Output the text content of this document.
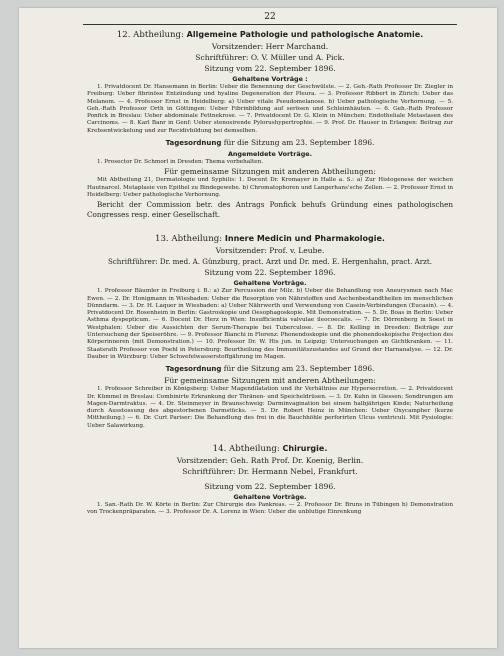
22
12. Abtheilung: Allgemeine Pathologie und pathologische Anatomie.
Vorsitzender: Herr Marchand.
Schriftführer: O. V. Müller und A. Pick.
Sitzung vom 22. September 1896.
Gehaltene Vorträge :

1. Privatdocent Dr. Hansemann in Berlin: Ueber die Benennung der Geschwülste. — 2. Geh.-Rath Professor Dr. Ziegler in Freiburg: Ueber fibrinöse Entzündung und hyaline Degeneration der Pleura. — 3. Professor Ribbert in Zürich: Ueber das Melanom. — 4. Professor Ernst in Heidelberg: a) Ueber vitale Pseudomelanose. b) Ueber pathologische Verhornung. — 5. Geh.-Rath Professor Orth in Göttingen: Ueber Fibrinbildung auf serösen und Schleimhäuten. — 6. Geh.-Rath Professor Ponfick in Breslau: Ueber abdominale Fettnekrose. — 7. Privatdocent Dr. G. Klein in München: Endotheliale Metastasen des Carcinoms. — 8. Karl Banr in Genf: Ueber stenosirende Pylorushypertrophie. — 9. Prof. Dr. Hauser in Erlangen: Beitrag zur Krebsentwickelung und zur Recidivbildung bei demselben.

Tagesordnung für die Sitzung am 23. September 1896.
Angemeldete Vorträge.

1. Prosector Dr. Schmorl in Dresden: Thema vorbehalten.

Für gemeinsame Sitzungen mit anderen Abtheilungen:

Mit Abtheilung 21, Dermatologie und Syphilis: 1. Docent Dr. Kromayer in Halle a. S.: a) Zur Histogenese der weichen Hautnarcel. Metaplasie von Epithel zu Bindegewebe. b) Chromatophoren und Langerhans'sche Zellen. — 2. Professor Ernst in Heidelberg: Ueber pathologische Verhornung.

Bericht der Commission betr. des Antrags Ponfick behufs Gründung eines pathologischen Congresses resp. einer Gesellschaft.

13. Abtheilung: Innere Medicin und Pharmakologie.
Vorsitzender: Prof. v. Leube.
Schriftführer: Dr. med. A. Günzburg, pract. Arzt und Dr. med. E. Hergenhahn, pract. Arzt.
Sitzung vom 22. September 1896.
Gehaltene Vorträge.

1. Professor Bäumler in Freiburg i. B.: a) Zur Percussion der Milz. b) Ueber die Behandlung von Aneurysmen nach Mac Ewen. — 2. Dr. Honigmann in Wiesbaden: Ueber die Resorption von Nährstoffen und Aschenbestandtheilen im menschlichen Dünndarm. — 3. Dr. H. Laquer in Wiesbaden: a) Ueber Nährwerth und Verwendung von Casein-Verbindungen (Eucasin). — 4. Privatdocent Dr. Rosenheim in Berlin: Gastroskopie und Oesophagoskopie. Mit Demonstration. — 5. Dr. Boas in Berlin: Ueber Asthma dyspepticum. — 6. Docent Dr. Herz in Wien: Insufficientia valvulae ileocoecalis. — 7. Dr. Dörrenberg in Soest in Westphalen: Ueber die Aussichten der Serum-Therapie bei Tuberculose. — 8. Dr. Kelling in Dresden: Beiträge zur Untersuchung der Speiseröhre. — 9. Professor Bianchi in Florenz: Phonendoskopie und die phonendoskopische Projection des Körperinneren (mit Demonstration.) — 10. Professor Dr. W. His jun. in Leipzig: Untersuchungen an Gichtkranken. — 11. Staatsrath Professor von Poehl in Petersburg: Beurtheilung des Immunitätszustandes auf Grund der Harnanalyse. — 12. Dr. Dauber in Würzburg: Ueber Schwefelwasserstoffgährung im Magen.

Tagesordnung für die Sitzung am 23. September 1896.
Für gemeinsame Sitzungen mit anderen Abtheilungen:

1. Professor Schreiber in Königsberg: Ueber Magendilatation und ihr Verhältniss zur Hypersecretion. — 2. Privatdocent Dr. Kümmel in Breslau: Combinirte Erkrankung der Thränen- und Speicheldrüsen. — 3. Dr. Kuhn in Giessen: Sondirungen am Magen-Darmtraktus. — 4. Dr. Steinmeyer in Braunschweig: Darminvagination bei einem halbjährigen Kinde; Naturheilung durch Ausstossung des abgestorbenen Darmstücks. — 5. Dr. Robert Heinz in München: Ueber Oxycampher (kurze Mittheilung.) — 6. Dr. Curt Pariser: Die Behandlung des frei in die Bauchhöhle perforirten Ulcus ventriculi. Mit Pysiologie: Ueber Salawirkung.

14. Abtheilung: Chirurgie.
Vorsitzender: Geh. Rath Prof. Dr. Koenig, Berlin.
Schriftführer: Dr. Hermann Nebel, Frankfurt.
Sitzung vom 22. September 1896.
Gehaltene Vorträge.

1. San.-Rath Dr. W. Körte in Berlin: Zur Chirurgie des Pankreas. — 2. Professor Dr. Bruns in Tübingen b) Demonstration von Trockenpräparaten. — 3. Professor Dr. A. Lorenz in Wien: Ueber die unblutige Einrenkung
